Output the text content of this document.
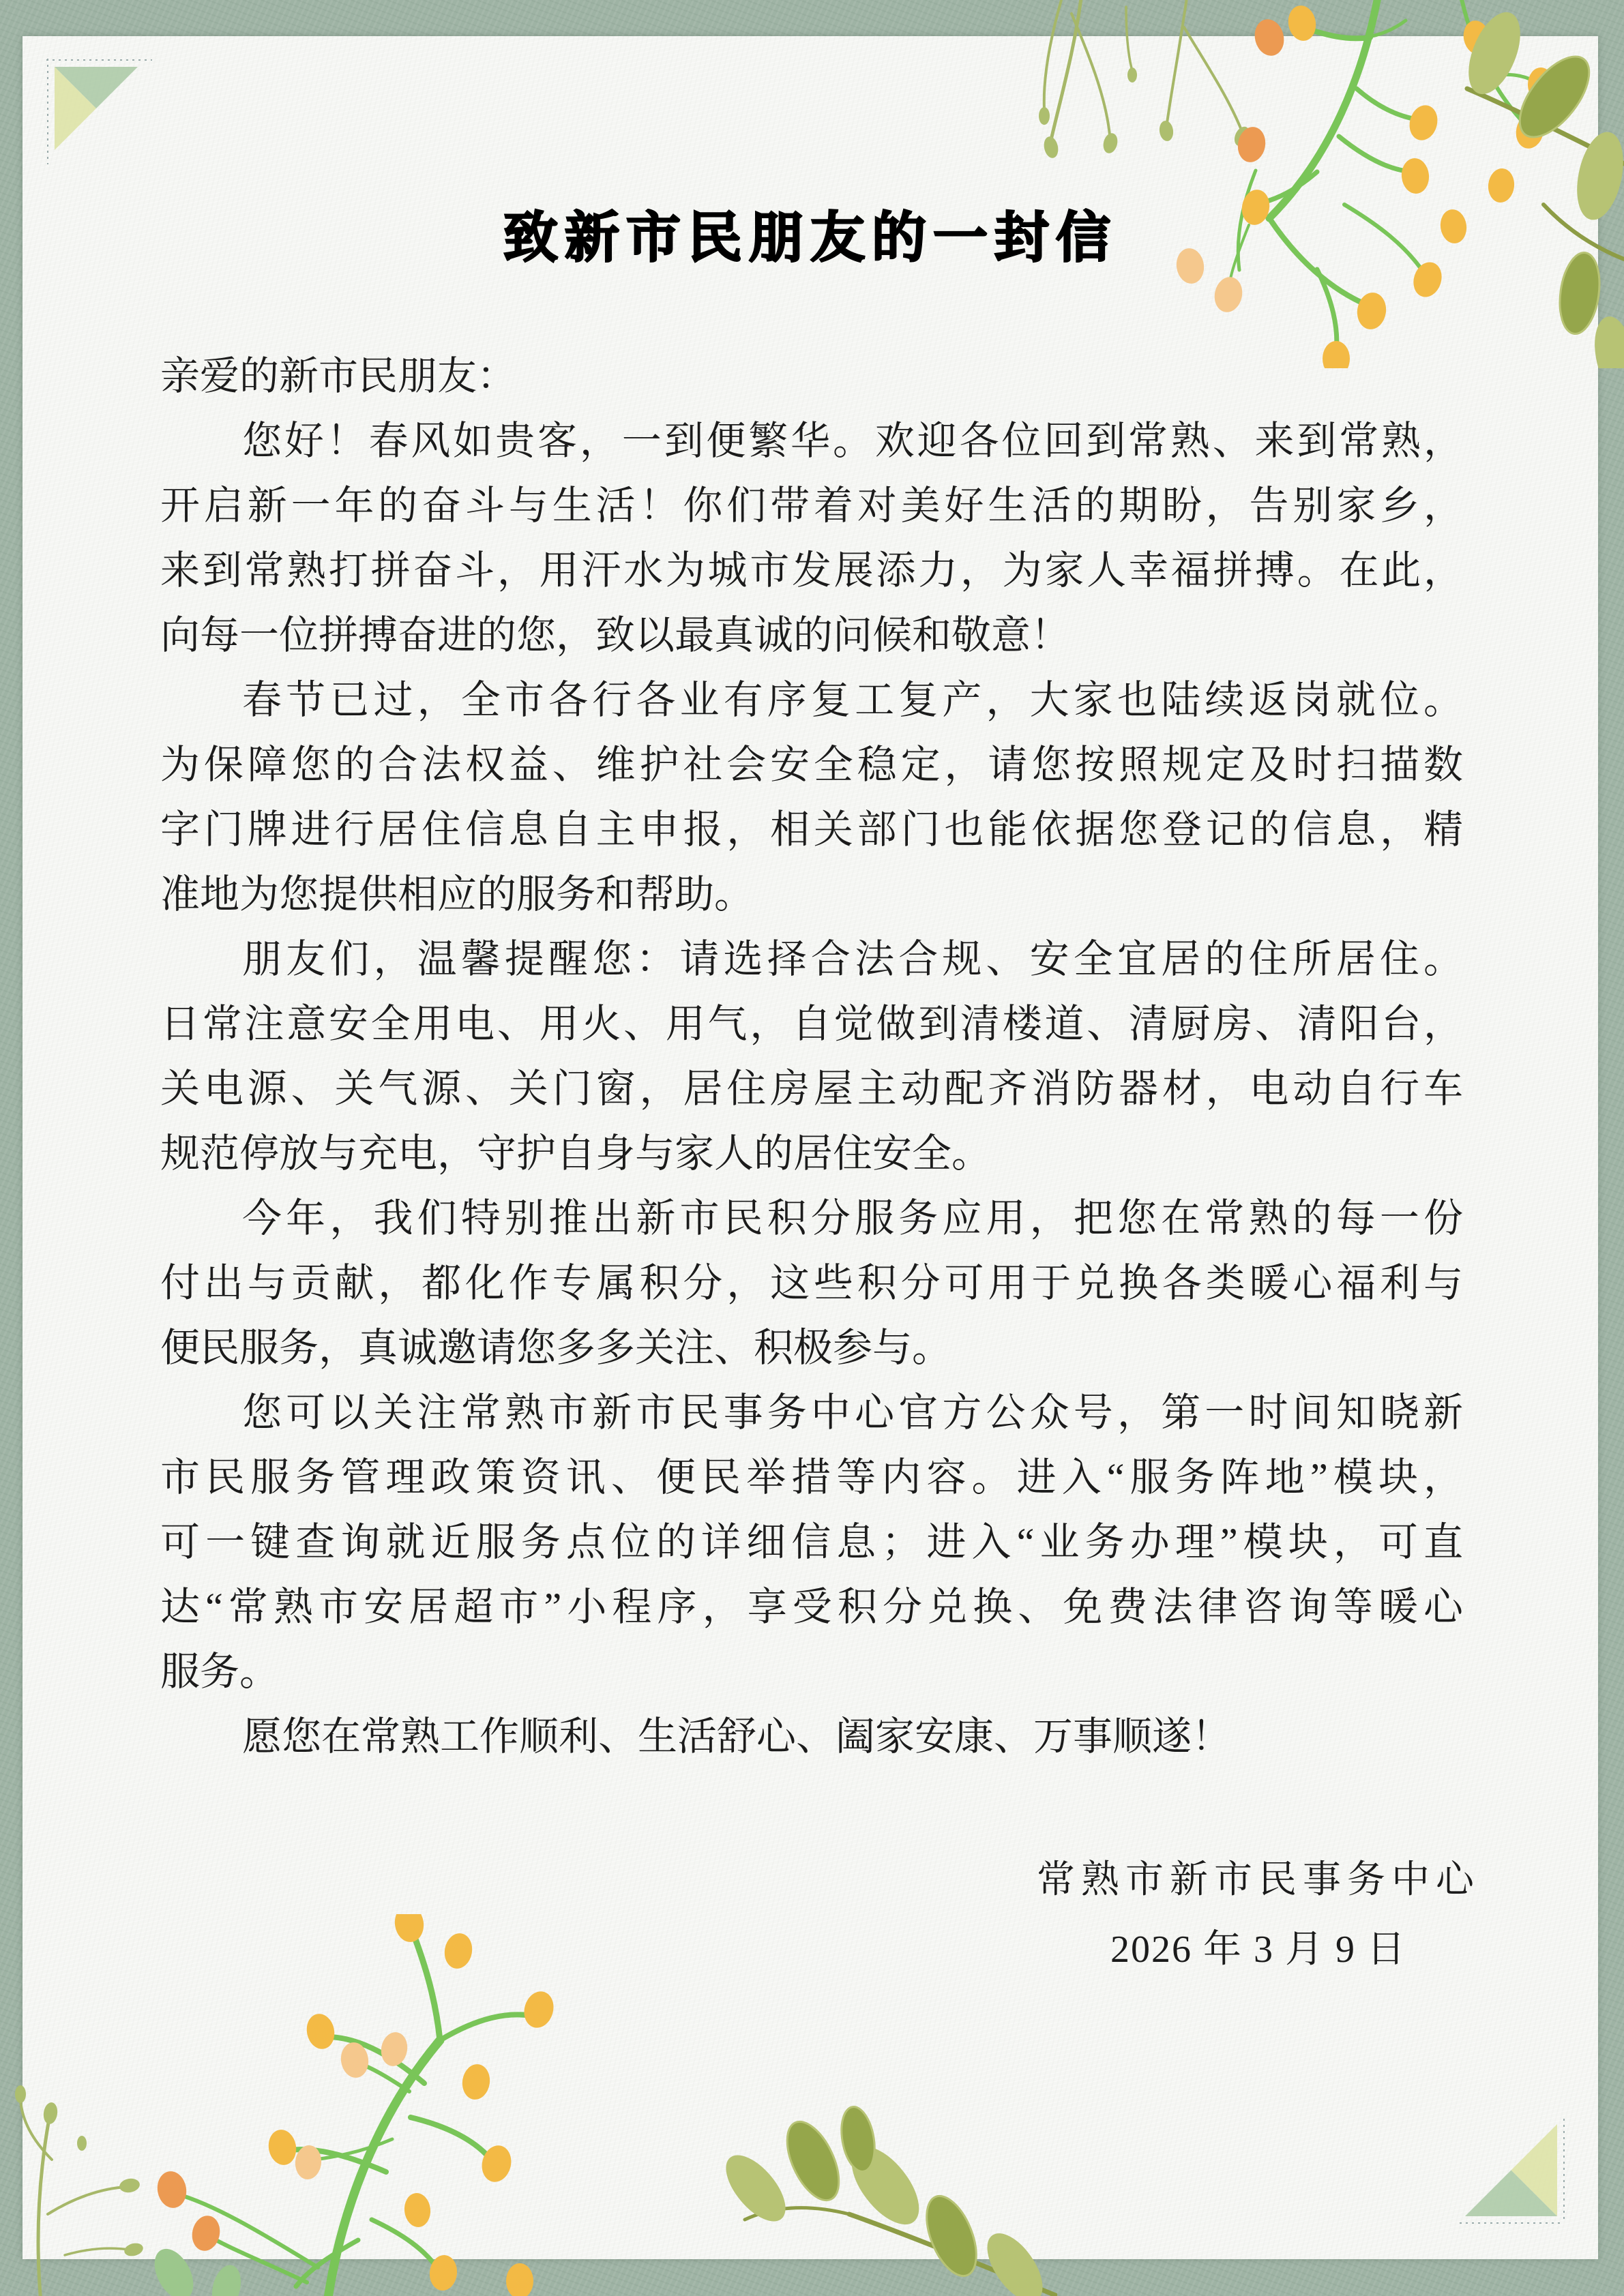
致新市民朋友的一封信
亲爱的新市民朋友：
您好！春风如贵客，一到便繁华。欢迎各位回到常熟、来到常熟，
开启新一年的奋斗与生活！你们带着对美好生活的期盼，告别家乡，
来到常熟打拼奋斗，用汗水为城市发展添力，为家人幸福拼搏。在此，
向每一位拼搏奋进的您，致以最真诚的问候和敬意！
春节已过，全市各行各业有序复工复产，大家也陆续返岗就位。
为保障您的合法权益、维护社会安全稳定，请您按照规定及时扫描数
字门牌进行居住信息自主申报，相关部门也能依据您登记的信息，精
准地为您提供相应的服务和帮助。
朋友们，温馨提醒您：请选择合法合规、安全宜居的住所居住。
日常注意安全用电、用火、用气，自觉做到清楼道、清厨房、清阳台，
关电源、关气源、关门窗，居住房屋主动配齐消防器材，电动自行车
规范停放与充电，守护自身与家人的居住安全。
今年，我们特别推出新市民积分服务应用，把您在常熟的每一份
付出与贡献，都化作专属积分，这些积分可用于兑换各类暖心福利与
便民服务，真诚邀请您多多关注、积极参与。
您可以关注常熟市新市民事务中心官方公众号，第一时间知晓新
市民服务管理政策资讯、便民举措等内容。进入“服务阵地”模块，
可一键查询就近服务点位的详细信息；进入“业务办理”模块，可直
达“常熟市安居超市”小程序，享受积分兑换、免费法律咨询等暖心
服务。
愿您在常熟工作顺利、生活舒心、阖家安康、万事顺遂！
常熟市新市民事务中心
2026 年 3 月 9 日
